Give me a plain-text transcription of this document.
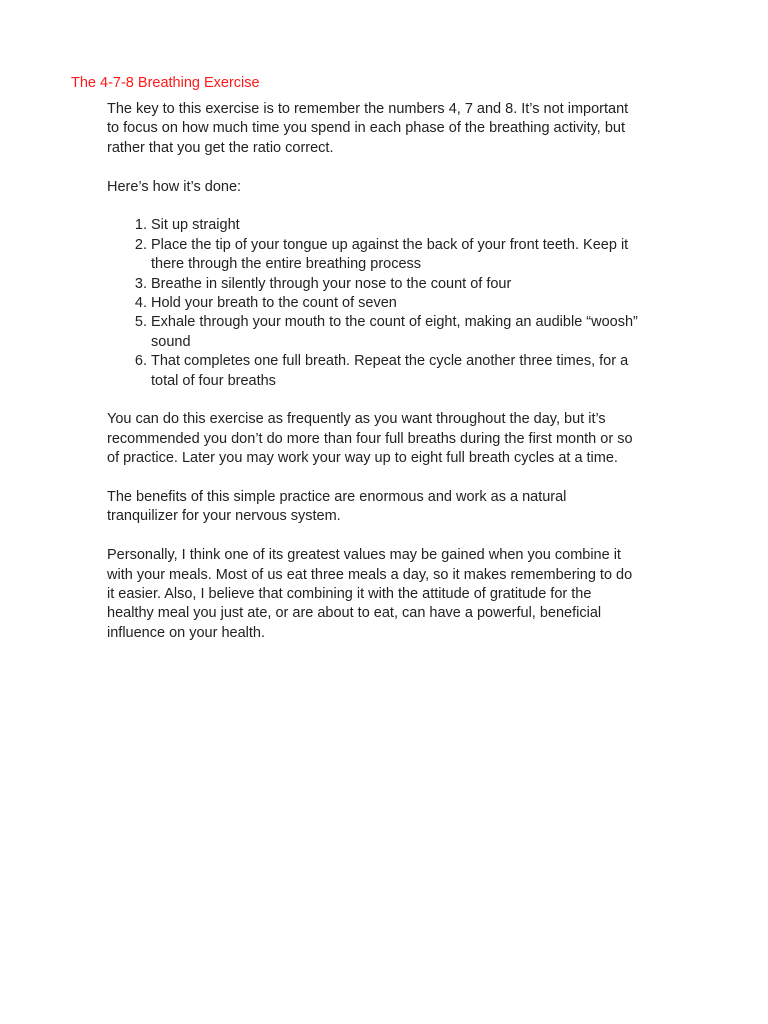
The 4-7-8 Breathing Exercise

The key to this exercise is to remember the numbers 4, 7 and 8. It’s not important
to focus on how much time you spend in each phase of the breathing activity, but
rather that you get the ratio correct.

Here’s how it’s done:

1. Sit up straight
2. Place the tip of your tongue up against the back of your front teeth. Keep it
there through the entire breathing process
3. Breathe in silently through your nose to the count of four
4. Hold your breath to the count of seven
5. Exhale through your mouth to the count of eight, making an audible “woosh”
sound
6. That completes one full breath. Repeat the cycle another three times, for a
total of four breaths

You can do this exercise as frequently as you want throughout the day, but it’s
recommended you don’t do more than four full breaths during the first month or so
of practice. Later you may work your way up to eight full breath cycles at a time.

The benefits of this simple practice are enormous and work as a natural
tranquilizer for your nervous system.

Personally, I think one of its greatest values may be gained when you combine it
with your meals. Most of us eat three meals a day, so it makes remembering to do
it easier. Also, I believe that combining it with the attitude of gratitude for the
healthy meal you just ate, or are about to eat, can have a powerful, beneficial
influence on your health.
